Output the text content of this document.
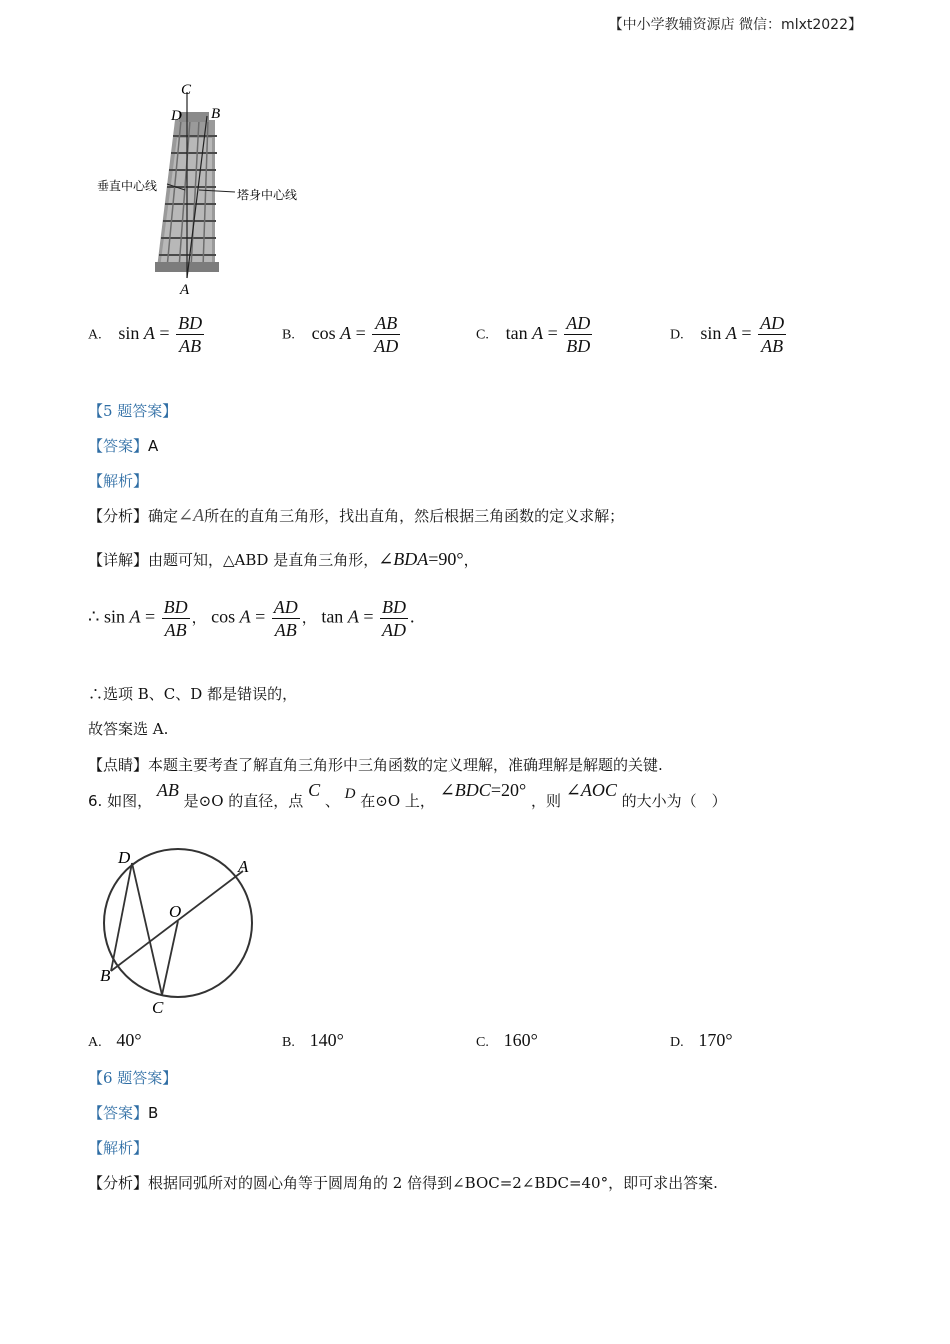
【中小学教辅资源店 微信：mlxt2022】
C
D B
A
垂直中心线
塔身中心线
A. $\sin A = \frac{BD}{AB}$	B. $\cos A = \frac{AB}{AD}$	C. $\tan A = \frac{AD}{BD}$	D. $\sin A = \frac{AD}{AB}$
【5 题答案】
【答案】A
【解析】
【分析】确定∠A所在的直角三角形，找出直角，然后根据三角函数的定义求解；
【详解】由题可知，△ABD 是直角三角形，∠BDA=90°，
∴ $\sin A = \frac{BD}{AB}$ ， $\cos A = \frac{AD}{AB}$ ， $\tan A = \frac{BD}{AD}$ .
∴选项 B、C、D 都是错误的，
故答案选 A.
【点睛】本题主要考查了解直角三角形中三角函数的定义理解，准确理解是解题的关键.
6. 如图， AB 是⊙O 的直径，点 C 、 D 在⊙O 上， ∠BDC=20° ，则 ∠AOC 的大小为（　）
D	A
O
B
C
A. 40°	B. 140°	C. 160°	D. 170°
【6 题答案】
【答案】B
【解析】
【分析】根据同弧所对的圆心角等于圆周角的 2 倍得到∠BOC=2∠BDC=40°，即可求出答案.
